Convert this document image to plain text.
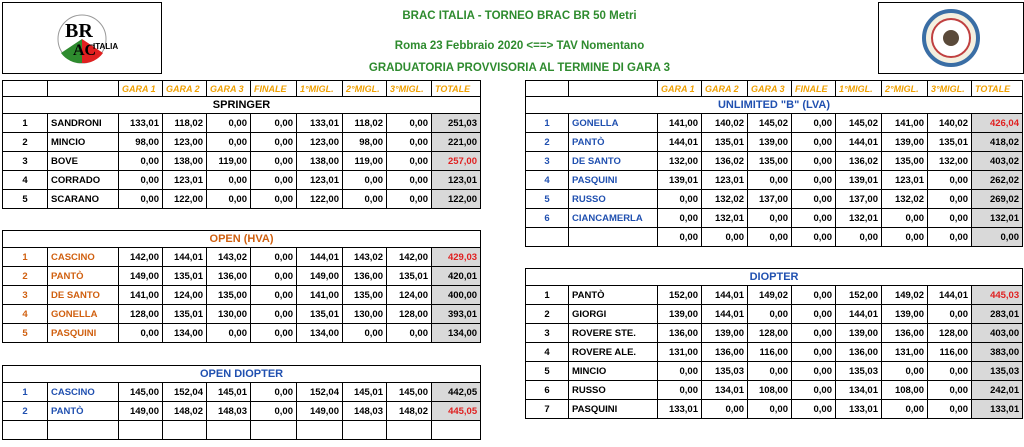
BR
AC
ITALIA
BRAC ITALIA - TORNEO BRAC BR 50 Metri
Roma 23 Febbraio 2020 <==> TAV Nomentano
GRADUATORIA PROVVISORIA AL TERMINE DI GARA 3
		GARA 1	GARA 2	GARA 3	FINALE	1°MIGL.	2°MIGL.	3°MIGL.	TOTALE
SPRINGER									
1	SANDRONI	133,01	118,02	0,00	0,00	133,01	118,02	0,00	251,03
2	MINCIO	98,00	123,00	0,00	0,00	123,00	98,00	0,00	221,00
3	BOVE	0,00	138,00	119,00	0,00	138,00	119,00	0,00	257,00
4	CORRADO	0,00	123,01	0,00	0,00	123,01	0,00	0,00	123,01
5	SCARANO	0,00	122,00	0,00	0,00	122,00	0,00	0,00	122,00
OPEN (HVA)									
1	CASCINO	142,00	144,01	143,02	0,00	144,01	143,02	142,00	429,03
2	PANTÒ	149,00	135,01	136,00	0,00	149,00	136,00	135,01	420,01
3	DE SANTO	141,00	124,00	135,00	0,00	141,00	135,00	124,00	400,00
4	GONELLA	128,00	135,01	130,00	0,00	135,01	130,00	128,00	393,01
5	PASQUINI	0,00	134,00	0,00	0,00	134,00	0,00	0,00	134,00
OPEN DIOPTER									
1	CASCINO	145,00	152,04	145,01	0,00	152,04	145,01	145,00	442,05
2	PANTÒ	149,00	148,02	148,03	0,00	149,00	148,03	148,02	445,05

		GARA 1	GARA 2	GARA 3	FINALE	1°MIGL.	2°MIGL.	3°MIGL.	TOTALE
UNLIMITED "B" (LVA)									
1	GONELLA	141,00	140,02	145,02	0,00	145,02	141,00	140,02	426,04
2	PANTÒ	144,01	135,01	139,00	0,00	144,01	139,00	135,01	418,02
3	DE SANTO	132,00	136,02	135,00	0,00	136,02	135,00	132,00	403,02
4	PASQUINI	139,01	123,01	0,00	0,00	139,01	123,01	0,00	262,02
5	RUSSO	0,00	132,02	137,00	0,00	137,00	132,02	0,00	269,02
6	CIANCAMERLA	0,00	132,01	0,00	0,00	132,01	0,00	0,00	132,01
		0,00	0,00	0,00	0,00	0,00	0,00	0,00	0,00
DIOPTER									
1	PANTÒ	152,00	144,01	149,02	0,00	152,00	149,02	144,01	445,03
2	GIORGI	139,00	144,01	0,00	0,00	144,01	139,00	0,00	283,01
3	ROVERE STE.	136,00	139,00	128,00	0,00	139,00	136,00	128,00	403,00
4	ROVERE ALE.	131,00	136,00	116,00	0,00	136,00	131,00	116,00	383,00
5	MINCIO	0,00	135,03	0,00	0,00	135,03	0,00	0,00	135,03
6	RUSSO	0,00	134,01	108,00	0,00	134,01	108,00	0,00	242,01
7	PASQUINI	133,01	0,00	0,00	0,00	133,01	0,00	0,00	133,01
